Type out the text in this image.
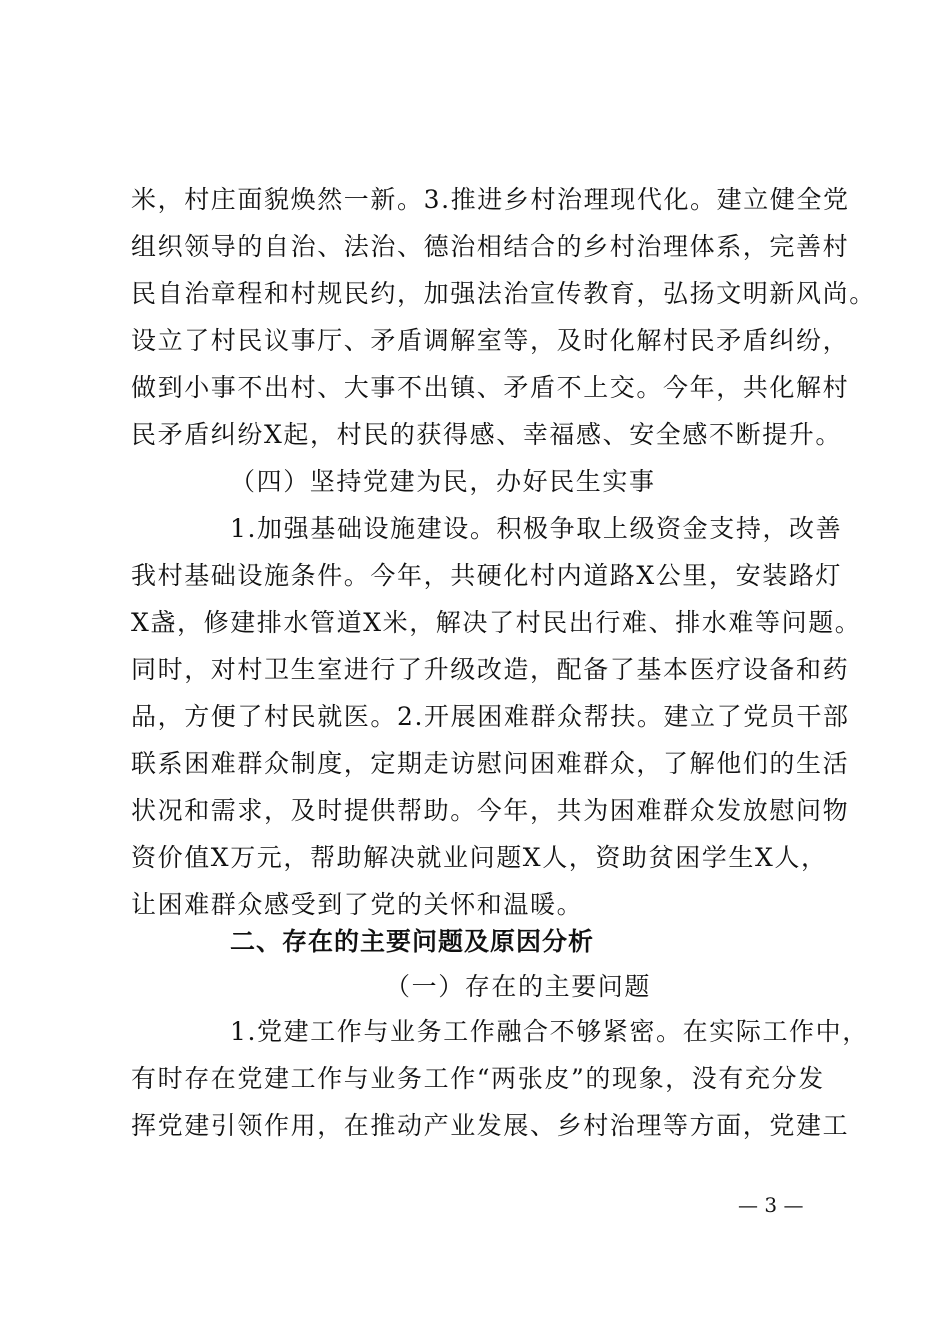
米，村庄面貌焕然一新。3.推进乡村治理现代化。建立健全党
组织领导的自治、法治、德治相结合的乡村治理体系，完善村
民自治章程和村规民约，加强法治宣传教育，弘扬文明新风尚。
设立了村民议事厅、矛盾调解室等，及时化解村民矛盾纠纷，
做到小事不出村、大事不出镇、矛盾不上交。今年，共化解村
民矛盾纠纷X起，村民的获得感、幸福感、安全感不断提升。
（四）坚持党建为民，办好民生实事
1.加强基础设施建设。积极争取上级资金支持，改善
我村基础设施条件。今年，共硬化村内道路X公里，安装路灯
X盏，修建排水管道X米，解决了村民出行难、排水难等问题。
同时，对村卫生室进行了升级改造，配备了基本医疗设备和药
品，方便了村民就医。2.开展困难群众帮扶。建立了党员干部
联系困难群众制度，定期走访慰问困难群众，了解他们的生活
状况和需求，及时提供帮助。今年，共为困难群众发放慰问物
资价值X万元，帮助解决就业问题X人，资助贫困学生X人，
让困难群众感受到了党的关怀和温暖。
二、存在的主要问题及原因分析
（一）存在的主要问题
1.党建工作与业务工作融合不够紧密。在实际工作中，
有时存在党建工作与业务工作“两张皮”的现象，没有充分发
挥党建引领作用，在推动产业发展、乡村治理等方面，党建工
— 3 —
